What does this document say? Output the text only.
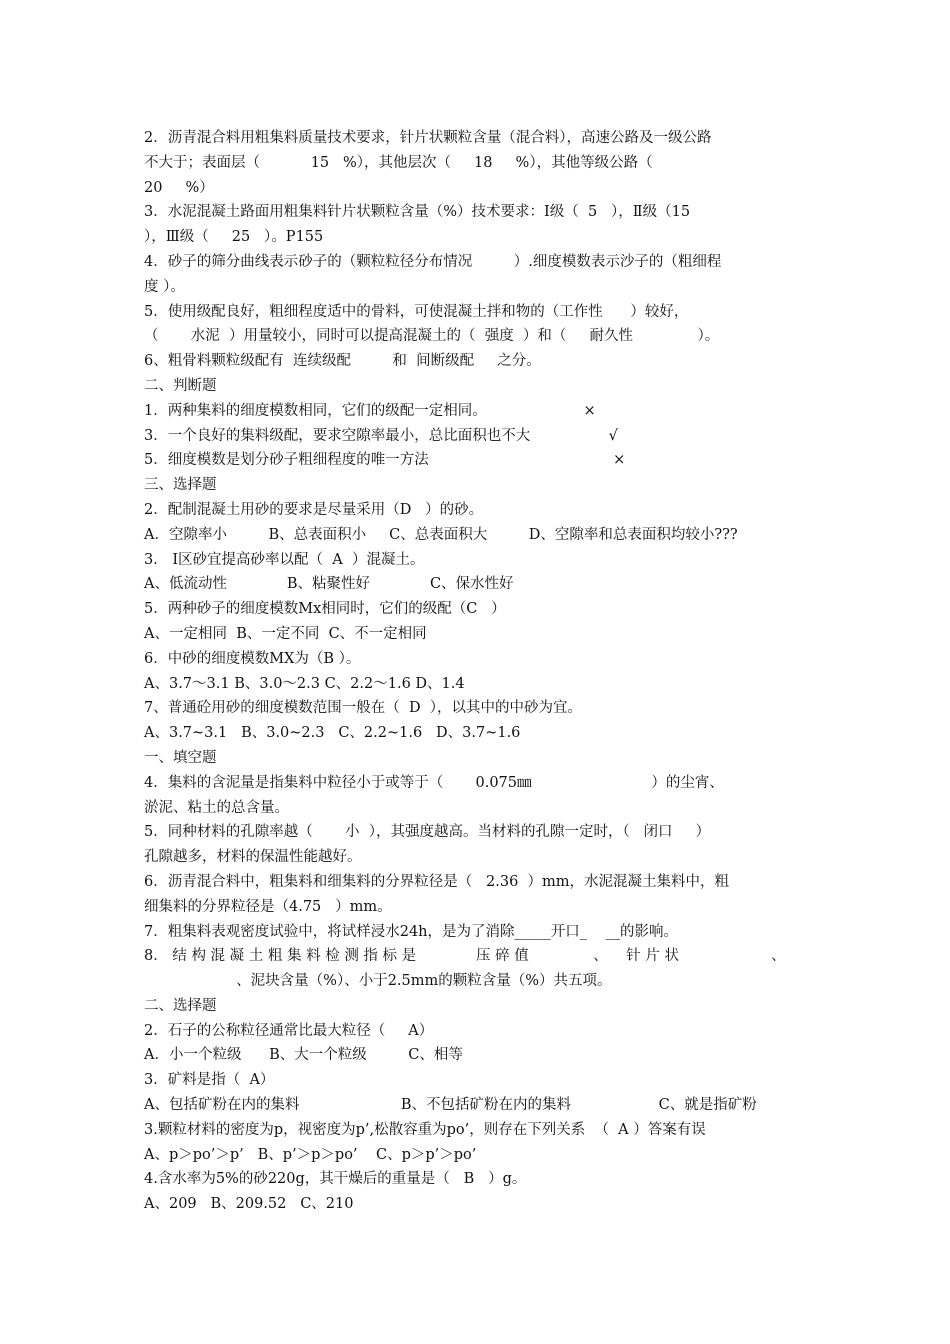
2．沥青混合料用粗集料质量技术要求，针片状颗粒含量（混合料），高速公路及一级公路
不大于；表面层（           15   %），其他层次（     18     %），其他等级公路（
20     %）
3．水泥混凝土路面用粗集料针片状颗粒含量（%）技术要求：Ⅰ级（  5   ），Ⅱ级（15
），Ⅲ级（     25   ）。P155
4．砂子的筛分曲线表示砂子的（颗粒粒径分布情况         ）.细度模数表示沙子的（粗细程
度 ）。
5．使用级配良好，粗细程度适中的骨料，可使混凝土拌和物的（工作性      ）较好，
（       水泥  ）用量较小，同时可以提高混凝土的（  强度  ）和（     耐久性              ）。
6、粗骨料颗粒级配有  连续级配         和  间断级配     之分。
二、判断题
1．两种集料的细度模数相同，它们的级配一定相同。                     ×
3．一个良好的集料级配，要求空隙率最小，总比面积也不大                 √
5．细度模数是划分砂子粗细程度的唯一方法                                        ×
三、选择题
2．配制混凝土用砂的要求是尽量采用（D   ）的砂。
A．空隙率小         B、总表面积小     C、总表面积大         D、空隙率和总表面积均较小???
3． I区砂宜提高砂率以配（  A  ）混凝土。
A、低流动性             B、粘聚性好             C、保水性好
5．两种砂子的细度模数Mx相同时，它们的级配（C   ）
A、一定相同  B、一定不同  C、不一定相同
6．中砂的细度模数MX为（B ）。
A、3.7～3.1 B、3.0～2.3 C、2.2～1.6 D、1.4
7、普通砼用砂的细度模数范围一般在（  D  ），以其中的中砂为宜。
A、3.7~3.1   B、3.0~2.3   C、2.2~1.6   D、3.7~1.6
一、填空题
4．集料的含泥量是指集料中粒径小于或等于（       0.075㎜                          ）的尘宵、
淤泥、粘土的总含量。
5．同种材料的孔隙率越（       小  ），其强度越高。当材料的孔隙一定时，（   闭口     ）
孔隙越多，材料的保温性能越好。
6．沥青混合料中，粗集料和细集料的分界粒径是（   2.36  ）mm，水泥混凝土集料中，粗
细集料的分界粒径是（4.75   ）mm。
7．粗集料表观密度试验中，将试样浸水24h，是为了消除_____开口_    __的影响。
8． 结 构 混 凝 土 粗 集 料 检 测 指 标 是             压 碎 值              、    针 片 状                    、
、泥块含量（%）、小于2.5mm的颗粒含量（%）共五项。
二、选择题
2．石子的公称粒径通常比最大粒径（     A）
A．小一个粒级      B、大一个粒级         C、相等
3．矿料是指（  A）
A、包括矿粉在内的集料                      B、不包括矿粉在内的集料                   C、就是指矿粉
3.颗粒材料的密度为p，视密度为p’,松散容重为po’，则存在下列关系  （  A ）答案有误
A、p＞po’＞p’   B、p’＞p＞po’    C、p＞p’＞po’
4.含水率为5%的砂220g，其干燥后的重量是（   B   ）g。
A、209   B、209.52   C、210
